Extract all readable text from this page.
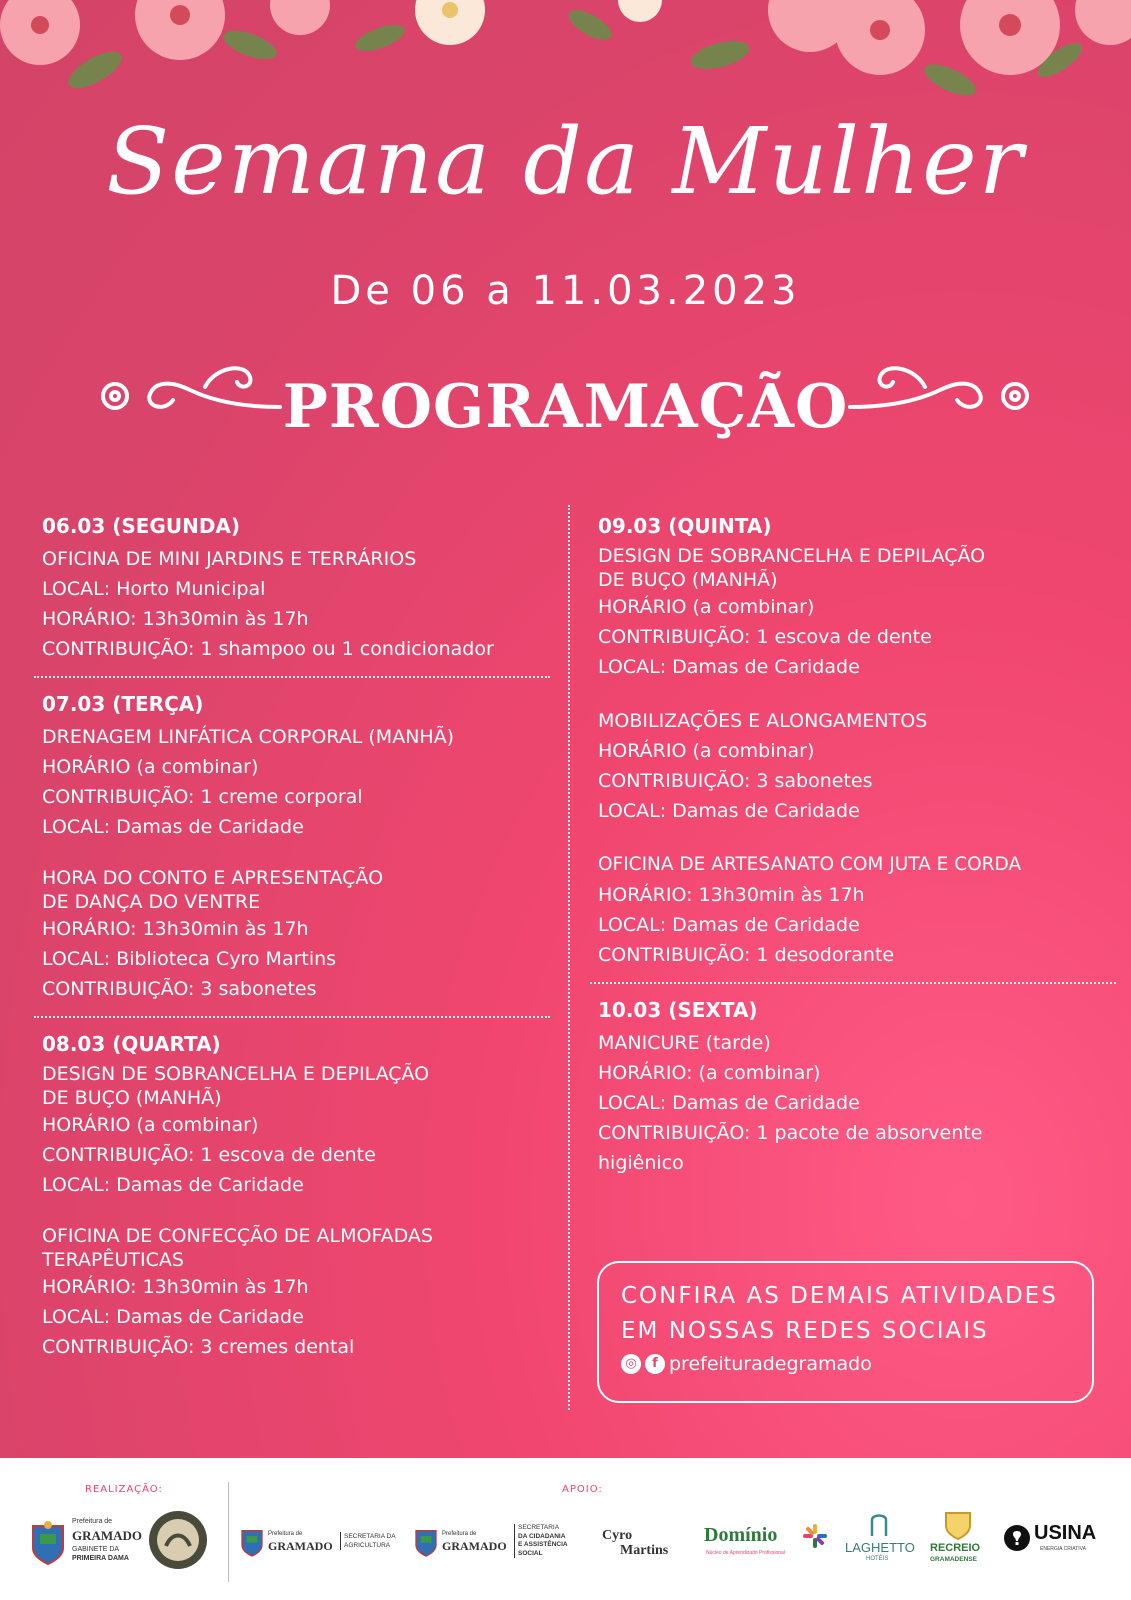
Semana da Mulher
De 06 a 11.03.2023
PROGRAMAÇÃO
06.03 (SEGUNDA)
OFICINA DE MINI JARDINS E TERRÁRIOS
LOCAL: Horto Municipal
HORÁRIO: 13h30min às 17h
CONTRIBUIÇÃO: 1 shampoo ou 1 condicionador
07.03 (TERÇA)
DRENAGEM LINFÁTICA CORPORAL (MANHÃ)
HORÁRIO (a combinar)
CONTRIBUIÇÃO: 1 creme corporal
LOCAL: Damas de Caridade
HORA DO CONTO E APRESENTAÇÃO
DE DANÇA DO VENTRE
HORÁRIO: 13h30min às 17h
LOCAL: Biblioteca Cyro Martins
CONTRIBUIÇÃO: 3 sabonetes
08.03 (QUARTA)
DESIGN DE SOBRANCELHA E DEPILAÇÃO
DE BUÇO (MANHÃ)
HORÁRIO (a combinar)
CONTRIBUIÇÃO: 1 escova de dente
LOCAL: Damas de Caridade
OFICINA DE CONFECÇÃO DE ALMOFADAS
TERAPÊUTICAS
HORÁRIO: 13h30min às 17h
LOCAL: Damas de Caridade
CONTRIBUIÇÃO: 3 cremes dental
09.03 (QUINTA)
DESIGN DE SOBRANCELHA E DEPILAÇÃO
DE BUÇO (MANHÃ)
HORÁRIO (a combinar)
CONTRIBUIÇÃO: 1 escova de dente
LOCAL: Damas de Caridade
MOBILIZAÇÕES E ALONGAMENTOS
HORÁRIO (a combinar)
CONTRIBUIÇÃO: 3 sabonetes
LOCAL: Damas de Caridade
OFICINA DE ARTESANATO COM JUTA E CORDA
HORÁRIO: 13h30min às 17h
LOCAL: Damas de Caridade
CONTRIBUIÇÃO: 1 desodorante
10.03 (SEXTA)
MANICURE (tarde)
HORÁRIO: (a combinar)
LOCAL: Damas de Caridade
CONTRIBUIÇÃO: 1 pacote de absorvente
higiênico
CONFIRA AS DEMAIS ATIVIDADES
EM NOSSAS REDES SOCIAIS
◎	f prefeituradegramado
REALIZAÇÃO:	APOIO:
Prefeitura de
GRAMADO
GABINETE DA
PRIMEIRA DAMA
Prefeitura de
GRAMADO
SECRETARIA DA AGRICULTURA
Prefeitura de
GRAMADO
SECRETARIA
DA CIDADANIA
E ASSISTÊNCIA
SOCIAL
Cyro
Martins
Domínio
Núcleo de Aprendizado Profissional	LAGHETTO
HOTÉIS
RECREIO
GRAMADENSE
USINA
ENERGIA CRIATIVA
